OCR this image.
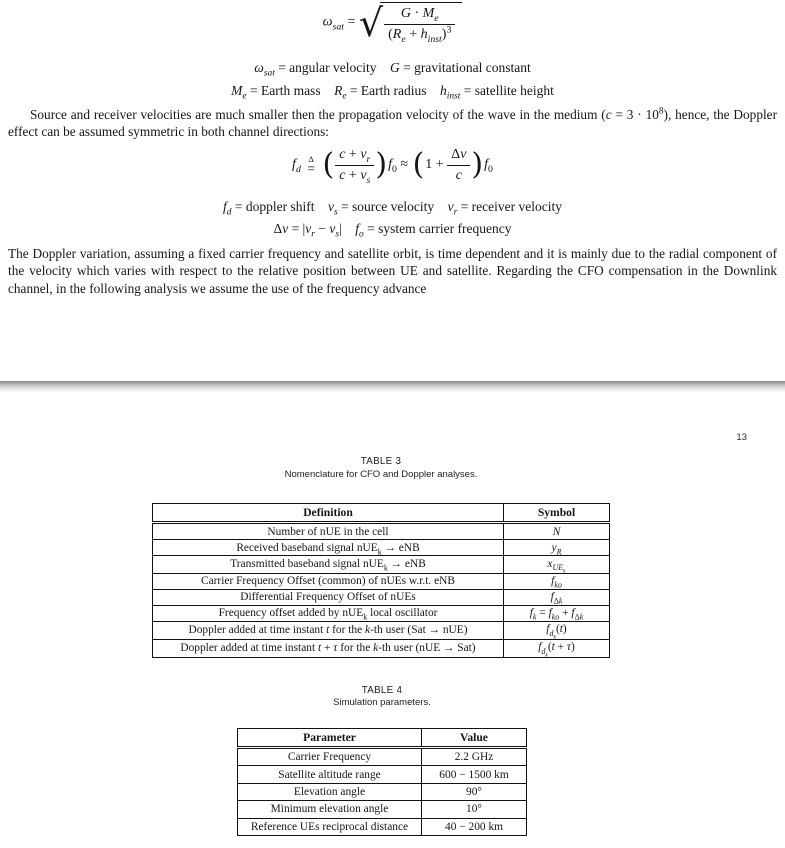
$\omega_{sat}$ = √ $\frac{G \cdot M_e}{(R_e + h_{inst})^3}$
$\omega_{sat}$ = angular velocity G = gravitational constant
$M_e$ = Earth mass $R_e$ = Earth radius $h_{inst}$ = satellite height

Source and receiver velocities are much smaller then the propagation velocity of the wave in the medium $(c = 3 \cdot 10^8)$, hence, the Doppler effect can be assumed symmetric in both channel directions:

$f_d$
Δ
= ( $\frac{c + v_r}{c + v_s} )f_0 \approx (1 + \frac{\Delta v}{c} )f_0$
$f_d$ = doppler shift $v_s$ = source velocity $v_r$ = receiver velocity
$\Delta v = |v_r - v_s|$ $f_o$ = system carrier frequency

The Doppler variation, assuming a fixed carrier frequency and satellite orbit, is time dependent and it is mainly due to the radial component of the velocity which varies with respect to the relative position between UE and satellite. Regarding the CFO compensation in the Downlink channel, in the following analysis we assume the use of the frequency advance

13
TABLE 3
Nomenclature for CFO and Doppler analyses.
Definition	Symbol
Number of nUE in the cell	N
Received baseband signal nUE$_k$ → eNB	$y_R$
Transmitted baseband signal nUE$_k$ → eNB	$x_{UE_k}$
Carrier Frequency Offset (common) of nUEs w.r.t. eNB	$f_{ko}$
Differential Frequency Offset of nUEs	$f_{\Delta k}$
Frequency offset added by nUE$_k$ local oscillator	$f_k = f_{ko} + f_{\Delta k}$
Doppler added at time instant t for the k-th user (Sat → nUE)	$f_{d_k}(t)$
Doppler added at time instant t + τ for the k-th user (nUE → Sat)	$f_{d_k}(t + \tau)$
TABLE 4
Simulation parameters.
Parameter	Value
Carrier Frequency	2.2 GHz
Satellite altitude range	600 − 1500 km
Elevation angle	90°
Minimum elevation angle	10°
Reference UEs reciprocal distance	40 − 200 km
